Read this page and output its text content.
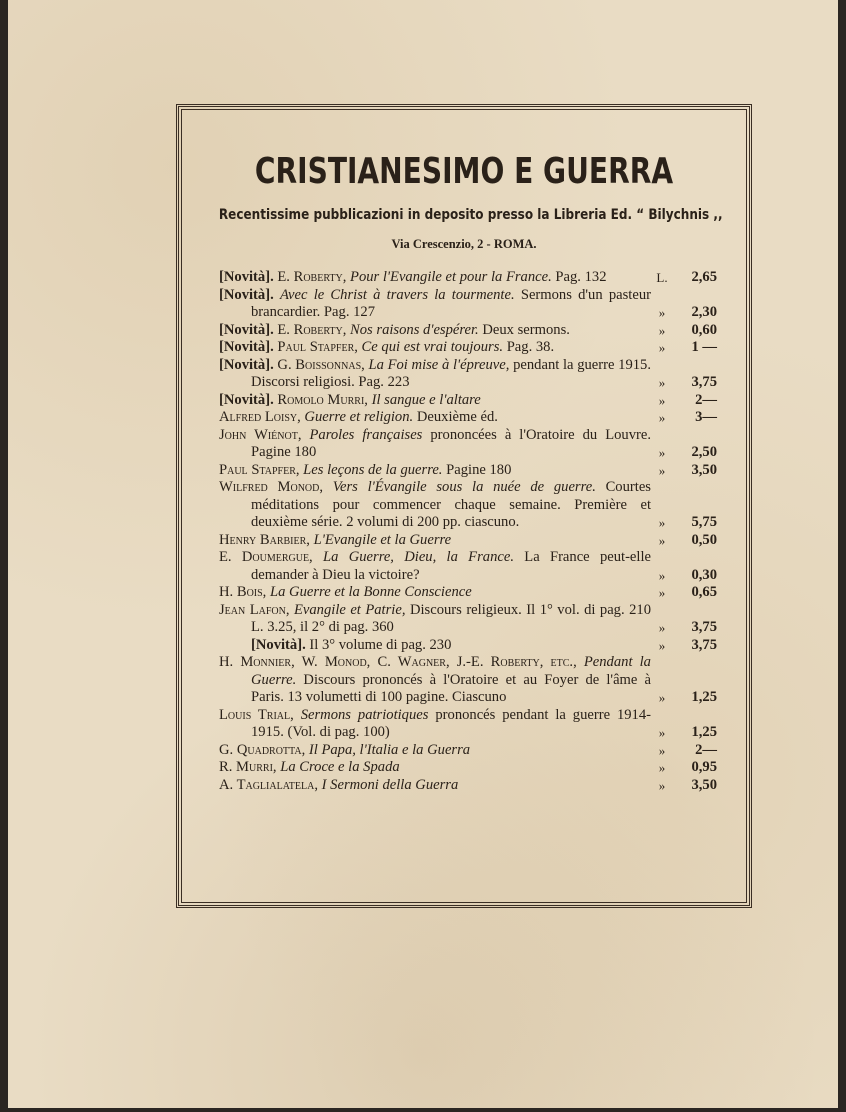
CRISTIANESIMO E GUERRA
Recentissime pubblicazioni in deposito presso la Libreria Ed. “ Bilychnis ,,
Via Crescenzio, 2 - ROMA.
[Novità]. E. Roberty, Pour l'Evangile et pour la France. Pag. 132	L.	2,65
[Novità]. Avec le Christ à travers la tourmente. Sermons d'un pasteur brancardier. Pag. 127	»	2,30
[Novità]. E. Roberty, Nos raisons d'espérer. Deux sermons.	»	0,60
[Novità]. Paul Stapfer, Ce qui est vrai toujours. Pag. 38.	»	1 —
[Novità]. G. Boissonnas, La Foi mise à l'épreuve, pendant la guerre 1915. Discorsi religiosi. Pag. 223	»	3,75
[Novità]. Romolo Murri, Il sangue e l'altare	»	2—
Alfred Loisy, Guerre et religion. Deuxième éd.	»	3—
John Wiénot, Paroles françaises prononcées à l'Oratoire du Louvre. Pagine 180	»	2,50
Paul Stapfer, Les leçons de la guerre. Pagine 180	»	3,50
Wilfred Monod, Vers l'Évangile sous la nuée de guerre. Courtes méditations pour commencer chaque semaine. Première et deuxième série. 2 volumi di 200 pp. ciascuno.	»	5,75
Henry Barbier, L'Evangile et la Guerre	»	0,50
E. Doumergue, La Guerre, Dieu, la France. La France peut-elle demander à Dieu la victoire?	»	0,30
H. Bois, La Guerre et la Bonne Conscience	»	0,65
Jean Lafon, Evangile et Patrie, Discours religieux. Il 1° vol. di pag. 210 L. 3.25, il 2° di pag. 360	»	3,75
[Novità]. Il 3° volume di pag. 230	»	3,75
H. Monnier, W. Monod, C. Wagner, J.-E. Roberty, etc., Pendant la Guerre. Discours prononcés à l'Oratoire et au Foyer de l'âme à Paris. 13 volumetti di 100 pagine. Ciascuno	»	1,25
Louis Trial, Sermons patriotiques prononcés pendant la guerre 1914-1915. (Vol. di pag. 100)	»	1,25
G. Quadrotta, Il Papa, l'Italia e la Guerra	»	2—
R. Murri, La Croce e la Spada	»	0,95
A. Taglialatela, I Sermoni della Guerra	»	3,50
